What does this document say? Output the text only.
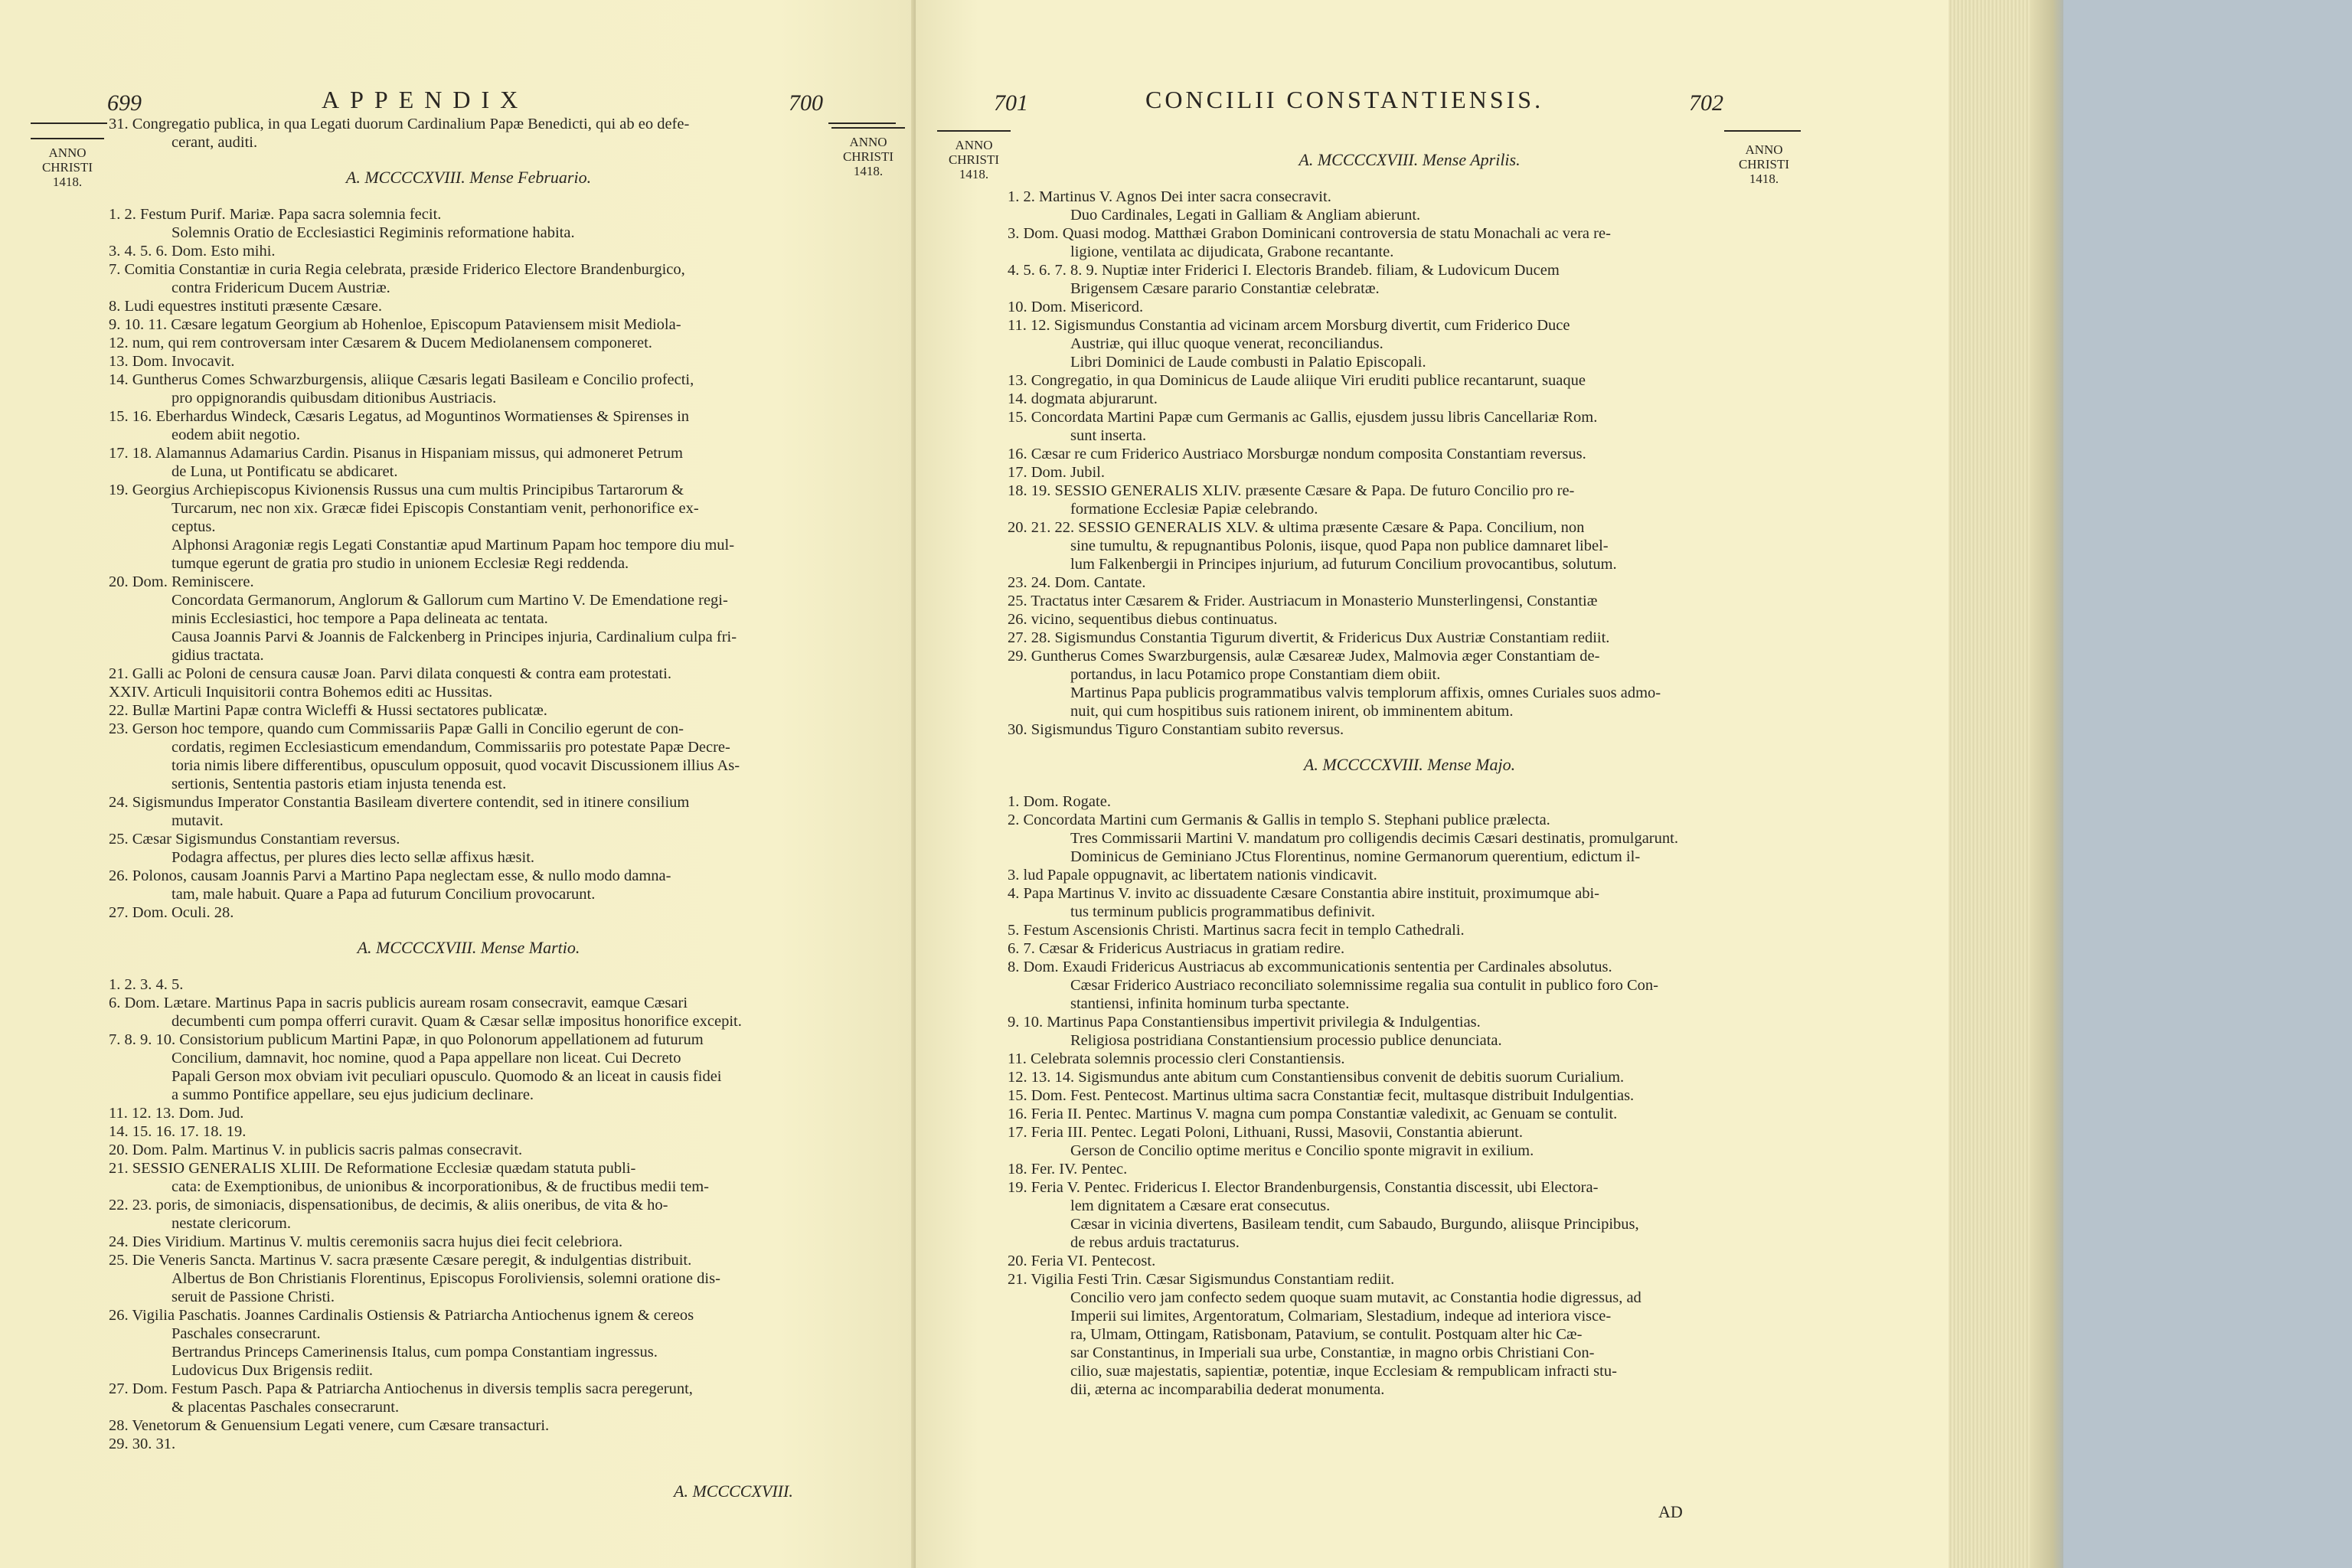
699	APPENDIX	700
ANNO
CHRISTI
1418.
ANNO
CHRISTI
1418.
31. Congregatio publica, in qua Legati duorum Cardinalium Papæ Benedicti, qui ab eo defe-
cerant, auditi.
A. MCCCCXVIII. Mense Februario.
1. 2. Festum Purif. Mariæ. Papa sacra solemnia fecit.
Solemnis Oratio de Ecclesiastici Regiminis reformatione habita.
3. 4. 5. 6. Dom. Esto mihi.
7. Comitia Constantiæ in curia Regia celebrata, præside Friderico Electore Brandenburgico,
contra Fridericum Ducem Austriæ.
8. Ludi equestres instituti præsente Cæsare.
9. 10. 11. Cæsare legatum Georgium ab Hohenloe, Episcopum Pataviensem misit Mediola-
12. num, qui rem controversam inter Cæsarem & Ducem Mediolanensem componeret.
13. Dom. Invocavit.
14. Guntherus Comes Schwarzburgensis, aliique Cæsaris legati Basileam e Concilio profecti,
pro oppignorandis quibusdam ditionibus Austriacis.
15. 16. Eberhardus Windeck, Cæsaris Legatus, ad Moguntinos Wormatienses & Spirenses in
eodem abiit negotio.
17. 18. Alamannus Adamarius Cardin. Pisanus in Hispaniam missus, qui admoneret Petrum
de Luna, ut Pontificatu se abdicaret.
19. Georgius Archiepiscopus Kivionensis Russus una cum multis Principibus Tartarorum &
Turcarum, nec non xix. Græcæ fidei Episcopis Constantiam venit, perhonorifice ex-
ceptus.
Alphonsi Aragoniæ regis Legati Constantiæ apud Martinum Papam hoc tempore diu mul-
tumque egerunt de gratia pro studio in unionem Ecclesiæ Regi reddenda.
20. Dom. Reminiscere.
Concordata Germanorum, Anglorum & Gallorum cum Martino V. De Emendatione regi-
minis Ecclesiastici, hoc tempore a Papa delineata ac tentata.
Causa Joannis Parvi & Joannis de Falckenberg in Principes injuria, Cardinalium culpa fri-
gidius tractata.
21. Galli ac Poloni de censura causæ Joan. Parvi dilata conquesti & contra eam protestati.
XXIV. Articuli Inquisitorii contra Bohemos editi ac Hussitas.
22. Bullæ Martini Papæ contra Wicleffi & Hussi sectatores publicatæ.
23. Gerson hoc tempore, quando cum Commissariis Papæ Galli in Concilio egerunt de con-
cordatis, regimen Ecclesiasticum emendandum, Commissariis pro potestate Papæ Decre-
toria nimis libere differentibus, opusculum opposuit, quod vocavit Discussionem illius As-
sertionis, Sententia pastoris etiam injusta tenenda est.
24. Sigismundus Imperator Constantia Basileam divertere contendit, sed in itinere consilium
mutavit.
25. Cæsar Sigismundus Constantiam reversus.
Podagra affectus, per plures dies lecto sellæ affixus hæsit.
26. Polonos, causam Joannis Parvi a Martino Papa neglectam esse, & nullo modo damna-
tam, male habuit. Quare a Papa ad futurum Concilium provocarunt.
27. Dom. Oculi. 28.
A. MCCCCXVIII. Mense Martio.
1. 2. 3. 4. 5.
6. Dom. Lætare. Martinus Papa in sacris publicis auream rosam consecravit, eamque Cæsari
decumbenti cum pompa offerri curavit. Quam & Cæsar sellæ impositus honorifice excepit.
7. 8. 9. 10. Consistorium publicum Martini Papæ, in quo Polonorum appellationem ad futurum
Concilium, damnavit, hoc nomine, quod a Papa appellare non liceat. Cui Decreto
Papali Gerson mox obviam ivit peculiari opusculo. Quomodo & an liceat in causis fidei
a summo Pontifice appellare, seu ejus judicium declinare.
11. 12. 13. Dom. Jud.
14. 15. 16. 17. 18. 19.
20. Dom. Palm. Martinus V. in publicis sacris palmas consecravit.
21. SESSIO GENERALIS XLIII. De Reformatione Ecclesiæ quædam statuta publi-
cata: de Exemptionibus, de unionibus & incorporationibus, & de fructibus medii tem-
22. 23. poris, de simoniacis, dispensationibus, de decimis, & aliis oneribus, de vita & ho-
nestate clericorum.
24. Dies Viridium. Martinus V. multis ceremoniis sacra hujus diei fecit celebriora.
25. Die Veneris Sancta. Martinus V. sacra præsente Cæsare peregit, & indulgentias distribuit.
Albertus de Bon Christianis Florentinus, Episcopus Foroliviensis, solemni oratione dis-
seruit de Passione Christi.
26. Vigilia Paschatis. Joannes Cardinalis Ostiensis & Patriarcha Antiochenus ignem & cereos
Paschales consecrarunt.
Bertrandus Princeps Camerinensis Italus, cum pompa Constantiam ingressus.
Ludovicus Dux Brigensis rediit.
27. Dom. Festum Pasch. Papa & Patriarcha Antiochenus in diversis templis sacra peregerunt,
& placentas Paschales consecrarunt.
28. Venetorum & Genuensium Legati venere, cum Cæsare transacturi.
29. 30. 31.
A. MCCCCXVIII.
701	CONCILII CONSTANTIENSIS.	702
ANNO
CHRISTI
1418.
ANNO
CHRISTI
1418.
A. MCCCCXVIII. Mense Aprilis.
1. 2. Martinus V. Agnos Dei inter sacra consecravit.
Duo Cardinales, Legati in Galliam & Angliam abierunt.
3. Dom. Quasi modog. Matthæi Grabon Dominicani controversia de statu Monachali ac vera re-
ligione, ventilata ac dijudicata, Grabone recantante.
4. 5. 6. 7. 8. 9. Nuptiæ inter Friderici I. Electoris Brandeb. filiam, & Ludovicum Ducem
Brigensem Cæsare parario Constantiæ celebratæ.
10. Dom. Misericord.
11. 12. Sigismundus Constantia ad vicinam arcem Morsburg divertit, cum Friderico Duce
Austriæ, qui illuc quoque venerat, reconciliandus.
Libri Dominici de Laude combusti in Palatio Episcopali.
13. Congregatio, in qua Dominicus de Laude aliique Viri eruditi publice recantarunt, suaque
14. dogmata abjurarunt.
15. Concordata Martini Papæ cum Germanis ac Gallis, ejusdem jussu libris Cancellariæ Rom.
sunt inserta.
16. Cæsar re cum Friderico Austriaco Morsburgæ nondum composita Constantiam reversus.
17. Dom. Jubil.
18. 19. SESSIO GENERALIS XLIV. præsente Cæsare & Papa. De futuro Concilio pro re-
formatione Ecclesiæ Papiæ celebrando.
20. 21. 22. SESSIO GENERALIS XLV. & ultima præsente Cæsare & Papa. Concilium, non
sine tumultu, & repugnantibus Polonis, iisque, quod Papa non publice damnaret libel-
lum Falkenbergii in Principes injurium, ad futurum Concilium provocantibus, solutum.
23. 24. Dom. Cantate.
25. Tractatus inter Cæsarem & Frider. Austriacum in Monasterio Munsterlingensi, Constantiæ
26. vicino, sequentibus diebus continuatus.
27. 28. Sigismundus Constantia Tigurum divertit, & Fridericus Dux Austriæ Constantiam rediit.
29. Guntherus Comes Swarzburgensis, aulæ Cæsareæ Judex, Malmovia æger Constantiam de-
portandus, in lacu Potamico prope Constantiam diem obiit.
Martinus Papa publicis programmatibus valvis templorum affixis, omnes Curiales suos admo-
nuit, qui cum hospitibus suis rationem inirent, ob imminentem abitum.
30. Sigismundus Tiguro Constantiam subito reversus.
A. MCCCCXVIII. Mense Majo.
1. Dom. Rogate.
2. Concordata Martini cum Germanis & Gallis in templo S. Stephani publice prælecta.
Tres Commissarii Martini V. mandatum pro colligendis decimis Cæsari destinatis, promulgarunt.
Dominicus de Geminiano JCtus Florentinus, nomine Germanorum querentium, edictum il-
3. lud Papale oppugnavit, ac libertatem nationis vindicavit.
4. Papa Martinus V. invito ac dissuadente Cæsare Constantia abire instituit, proximumque abi-
tus terminum publicis programmatibus definivit.
5. Festum Ascensionis Christi. Martinus sacra fecit in templo Cathedrali.
6. 7. Cæsar & Fridericus Austriacus in gratiam redire.
8. Dom. Exaudi Fridericus Austriacus ab excommunicationis sententia per Cardinales absolutus.
Cæsar Friderico Austriaco reconciliato solemnissime regalia sua contulit in publico foro Con-
stantiensi, infinita hominum turba spectante.
9. 10. Martinus Papa Constantiensibus impertivit privilegia & Indulgentias.
Religiosa postridiana Constantiensium processio publice denunciata.
11. Celebrata solemnis processio cleri Constantiensis.
12. 13. 14. Sigismundus ante abitum cum Constantiensibus convenit de debitis suorum Curialium.
15. Dom. Fest. Pentecost. Martinus ultima sacra Constantiæ fecit, multasque distribuit Indulgentias.
16. Feria II. Pentec. Martinus V. magna cum pompa Constantiæ valedixit, ac Genuam se contulit.
17. Feria III. Pentec. Legati Poloni, Lithuani, Russi, Masovii, Constantia abierunt.
Gerson de Concilio optime meritus e Concilio sponte migravit in exilium.
18. Fer. IV. Pentec.
19. Feria V. Pentec. Fridericus I. Elector Brandenburgensis, Constantia discessit, ubi Electora-
lem dignitatem a Cæsare erat consecutus.
Cæsar in vicinia divertens, Basileam tendit, cum Sabaudo, Burgundo, aliisque Principibus,
de rebus arduis tractaturus.
20. Feria VI. Pentecost.
21. Vigilia Festi Trin. Cæsar Sigismundus Constantiam rediit.
Concilio vero jam confecto sedem quoque suam mutavit, ac Constantia hodie digressus, ad
Imperii sui limites, Argentoratum, Colmariam, Slestadium, indeque ad interiora visce-
ra, Ulmam, Ottingam, Ratisbonam, Patavium, se contulit. Postquam alter hic Cæ-
sar Constantinus, in Imperiali sua urbe, Constantiæ, in magno orbis Christiani Con-
cilio, suæ majestatis, sapientiæ, potentiæ, inque Ecclesiam & rempublicam infracti stu-
dii, æterna ac incomparabilia dederat monumenta.
AD
